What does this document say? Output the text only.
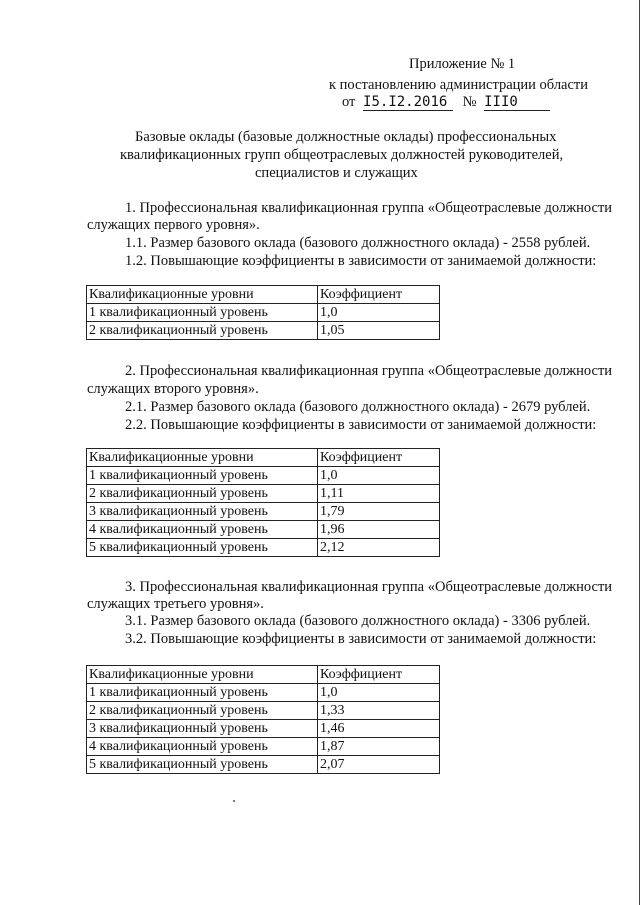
Приложение № 1
к постановлению администрации области
от I5.I2.2016 № III0
Базовые оклады (базовые должностные оклады) профессиональных
квалификационных групп общеотраслевых должностей руководителей,
специалистов и служащих
1. Профессиональная квалификационная группа «Общеотраслевые должности
служащих первого уровня».
1.1. Размер базового оклада (базового должностного оклада) - 2558 рублей.
1.2. Повышающие коэффициенты в зависимости от занимаемой должности:
Квалификационные уровни	Коэффициент
1 квалификационный уровень	1,0
2 квалификационный уровень	1,05
2. Профессиональная квалификационная группа «Общеотраслевые должности
служащих второго уровня».
2.1. Размер базового оклада (базового должностного оклада) - 2679 рублей.
2.2. Повышающие коэффициенты в зависимости от занимаемой должности:
Квалификационные уровни	Коэффициент
1 квалификационный уровень	1,0
2 квалификационный уровень	1,11
3 квалификационный уровень	1,79
4 квалификационный уровень	1,96
5 квалификационный уровень	2,12
3. Профессиональная квалификационная группа «Общеотраслевые должности
служащих третьего уровня».
3.1. Размер базового оклада (базового должностного оклада) - 3306 рублей.
3.2. Повышающие коэффициенты в зависимости от занимаемой должности:
Квалификационные уровни	Коэффициент
1 квалификационный уровень	1,0
2 квалификационный уровень	1,33
3 квалификационный уровень	1,46
4 квалификационный уровень	1,87
5 квалификационный уровень	2,07
